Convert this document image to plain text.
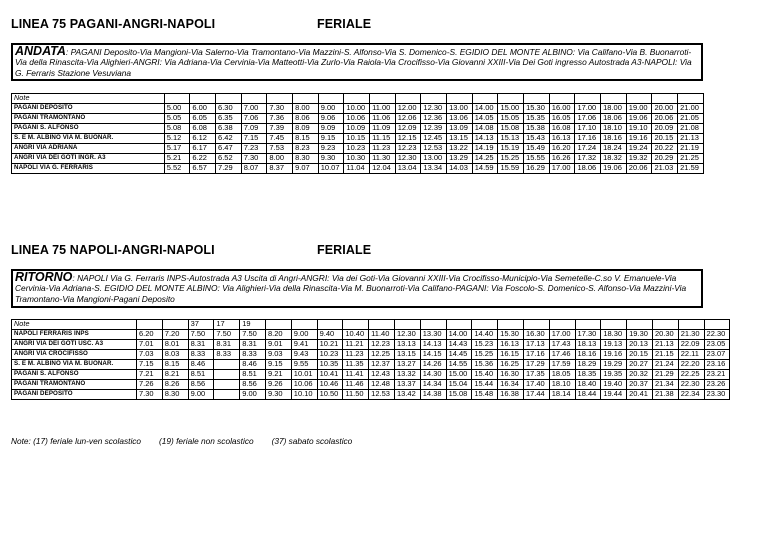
LINEA 75 PAGANI-ANGRI-NAPOLI	FERIALE
ANDATA: PAGANI Deposito-Via Mangioni-Via Salerno-Via Tramontano-Via Mazzini-S. Alfonso-Via S. Domenico-S. EGIDIO DEL MONTE ALBINO: Via Califano-Via B. Buonarroti-Via della Rinascita-Via Alighieri-ANGRI: Via Adriana-Via Cervinia-Via Matteotti-Via Zurlo-Via Raiola-Via Crocifisso-Via Giovanni XXIII-Via Dei Goti ingresso Autostrada A3-NAPOLI: Via G. Ferraris Stazione Vesuviana
Note																					
PAGANI DEPOSITO	5.00	6.00	6.30	7.00	7.30	8.00	9.00	10.00	11.00	12.00	12.30	13.00	14.00	15.00	15.30	16.00	17.00	18.00	19.00	20.00	21.00
PAGANI TRAMONTANO	5.05	6.05	6.35	7.06	7.36	8.06	9.06	10.06	11.06	12.06	12.36	13.06	14.05	15.05	15.35	16.05	17.06	18.06	19.06	20.06	21.05
PAGANI S. ALFONSO	5.08	6.08	6.38	7.09	7.39	8.09	9.09	10.09	11.09	12.09	12.39	13.09	14.08	15.08	15.38	16.08	17.10	18.10	19.10	20.09	21.08
S. E M. ALBINO VIA M. BUONAR.	5.12	6.12	6.42	7.15	7.45	8.15	9.15	10.15	11.15	12.15	12.45	13.15	14.13	15.13	15.43	16.13	17.16	18.16	19.16	20.15	21.13
ANGRI VIA ADRIANA	5.17	6.17	6.47	7.23	7.53	8.23	9.23	10.23	11.23	12.23	12.53	13.22	14.19	15.19	15.49	16.20	17.24	18.24	19.24	20.22	21.19
ANGRI VIA DEI GOTI INGR. A3	5.21	6.22	6.52	7.30	8.00	8.30	9.30	10.30	11.30	12.30	13.00	13.29	14.25	15.25	15.55	16.26	17.32	18.32	19.32	20.29	21.25
NAPOLI VIA G. FERRARIS	5.52	6.57	7.29	8.07	8.37	9.07	10.07	11.04	12.04	13.04	13.34	14.03	14.59	15.59	16.29	17.00	18.06	19.06	20.06	21.03	21.59
LINEA 75 NAPOLI-ANGRI-NAPOLI	FERIALE
RITORNO: NAPOLI Via G. Ferraris INPS-Autostrada A3 Uscita di Angri-ANGRI: Via dei Goti-Via Giovanni XXIII-Via Crocifisso-Municipio-Via Semetelle-C.so V. Emanuele-Via Cervinia-Via Adriana-S. EGIDIO DEL MONTE ALBINO: Via Alighieri-Via della Rinascita-Via M. Buonarroti-Via Califano-PAGANI: Via Foscolo-S. Domenico-S. Alfonso-Via Mazzini-Via Tramontano-Via Mangioni-Pagani Deposito
Note			37	17	19																		
NAPOLI FERRARIS INPS	6.20	7.20	7.50	7.50	7.50	8.20	9.00	9.40	10.40	11.40	12.30	13.30	14.00	14.40	15.30	16.30	17.00	17.30	18.30	19.30	20.30	21.30	22.30
ANGRI VIA DEI GOTI USC. A3	7.01	8.01	8.31	8.31	8.31	9.01	9.41	10.21	11.21	12.23	13.13	14.13	14.43	15.23	16.13	17.13	17.43	18.13	19.13	20.13	21.13	22.09	23.05
ANGRI VIA CROCIFISSO	7.03	8.03	8.33	8.33	8.33	9.03	9.43	10.23	11.23	12.25	13.15	14.15	14.45	15.25	16.15	17.16	17.46	18.16	19.16	20.15	21.15	22.11	23.07
S. E M. ALBINO VIA M. BUONAR.	7.15	8.15	8.46		8.46	9.15	9.55	10.35	11.35	12.37	13.27	14.26	14.55	15.36	16.25	17.29	17.59	18.29	19.29	20.27	21.24	22.20	23.16
PAGANI S. ALFONSO	7.21	8.21	8.51		8.51	9.21	10.01	10.41	11.41	12.43	13.32	14.30	15.00	15.40	16.30	17.35	18.05	18.35	19.35	20.32	21.29	22.25	23.21
PAGANI TRAMONTANO	7.26	8.26	8.56		8.56	9.26	10.06	10.46	11.46	12.48	13.37	14.34	15.04	15.44	16.34	17.40	18.10	18.40	19.40	20.37	21.34	22.30	23.26
PAGANI DEPOSITO	7.30	8.30	9.00		9.00	9.30	10.10	10.50	11.50	12.53	13.42	14.38	15.08	15.48	16.38	17.44	18.14	18.44	19.44	20.41	21.38	22.34	23.30
Note: (17) feriale lun-ven scolastico (19) feriale non scolastico (37) sabato scolastico
